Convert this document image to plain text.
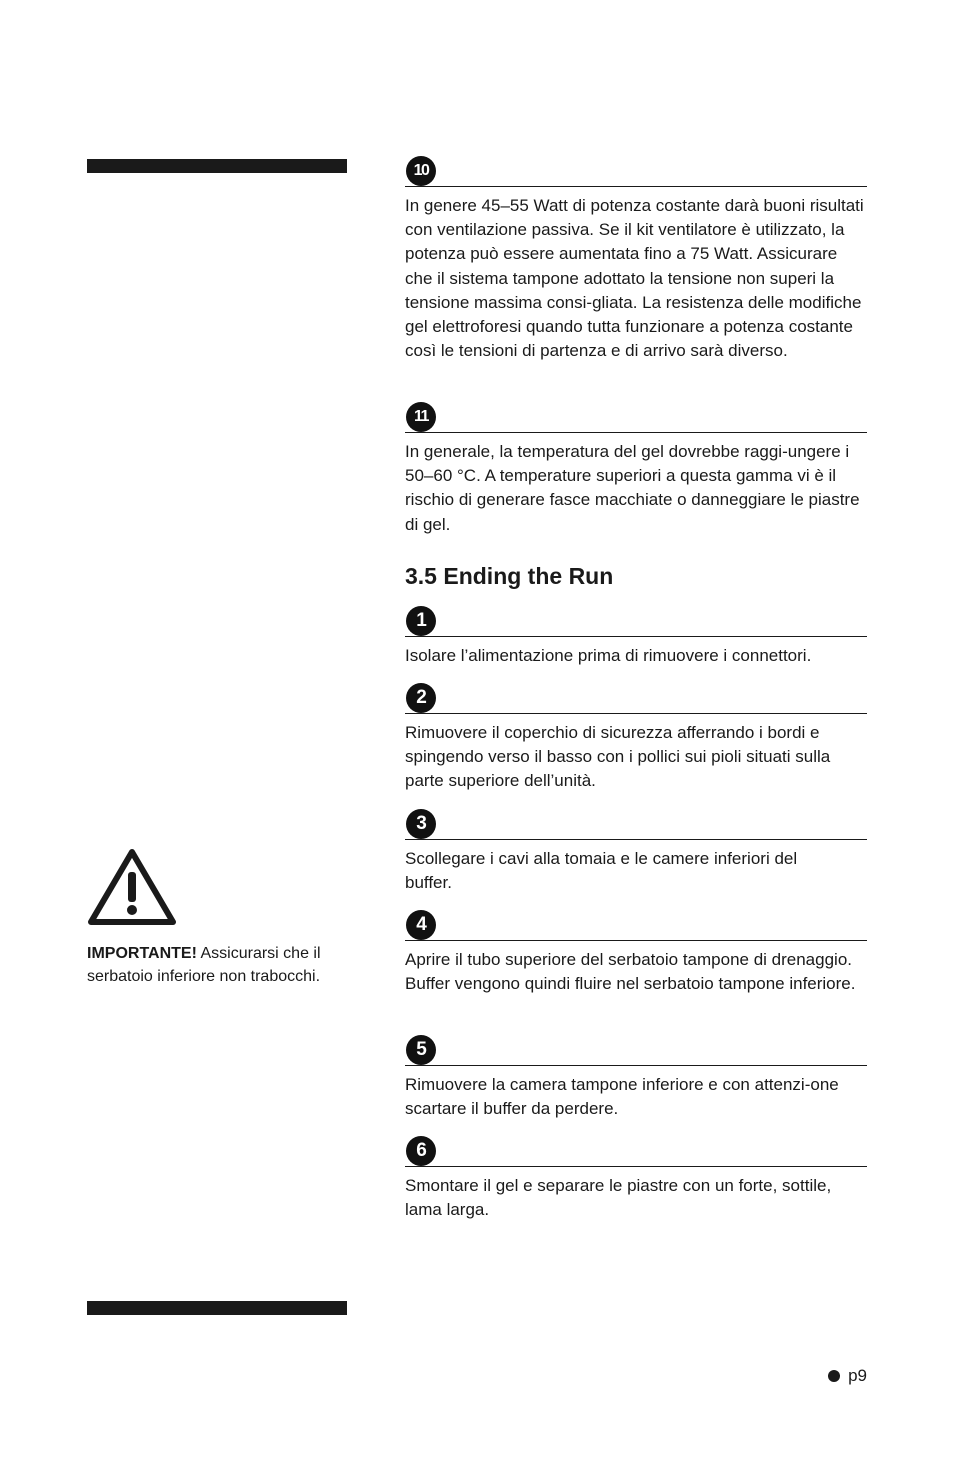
10

In genere 45–55 Watt di potenza costante darà buoni risultati con ventilazione passiva. Se il kit ventilatore è utilizzato, la potenza può essere aumentata fino a 75 Watt. Assicurare che il sistema tampone adottato la tensione non superi la tensione massima consi-gliata. La resistenza delle modifiche gel elettroforesi quando tutta funzionare a potenza costante così le tensioni di partenza e di arrivo sarà diverso.

11

In generale, la temperatura del gel dovrebbe raggi-ungere i 50–60 °C. A temperature superiori a questa gamma vi è il rischio di generare fasce macchiate o danneggiare le piastre di gel.

3.5 Ending the Run
1

Isolare l’alimentazione prima di rimuovere i connettori.

2

Rimuovere il coperchio di sicurezza afferrando i bordi e spingendo verso il basso con i pollici sui pioli situati sulla parte superiore dell’unità.

3

Scollegare i cavi alla tomaia e le camere inferiori del buffer.

4

Aprire il tubo superiore del serbatoio tampone di drenaggio. Buffer vengono quindi fluire nel serbatoio tampone inferiore.

5

Rimuovere la camera tampone inferiore e con attenzi-one scartare il buffer da perdere.

6

Smontare il gel e separare le piastre con un forte, sottile, lama larga.

IMPORTANTE! Assicurarsi che il serbatoio inferiore non trabocchi.
p9
